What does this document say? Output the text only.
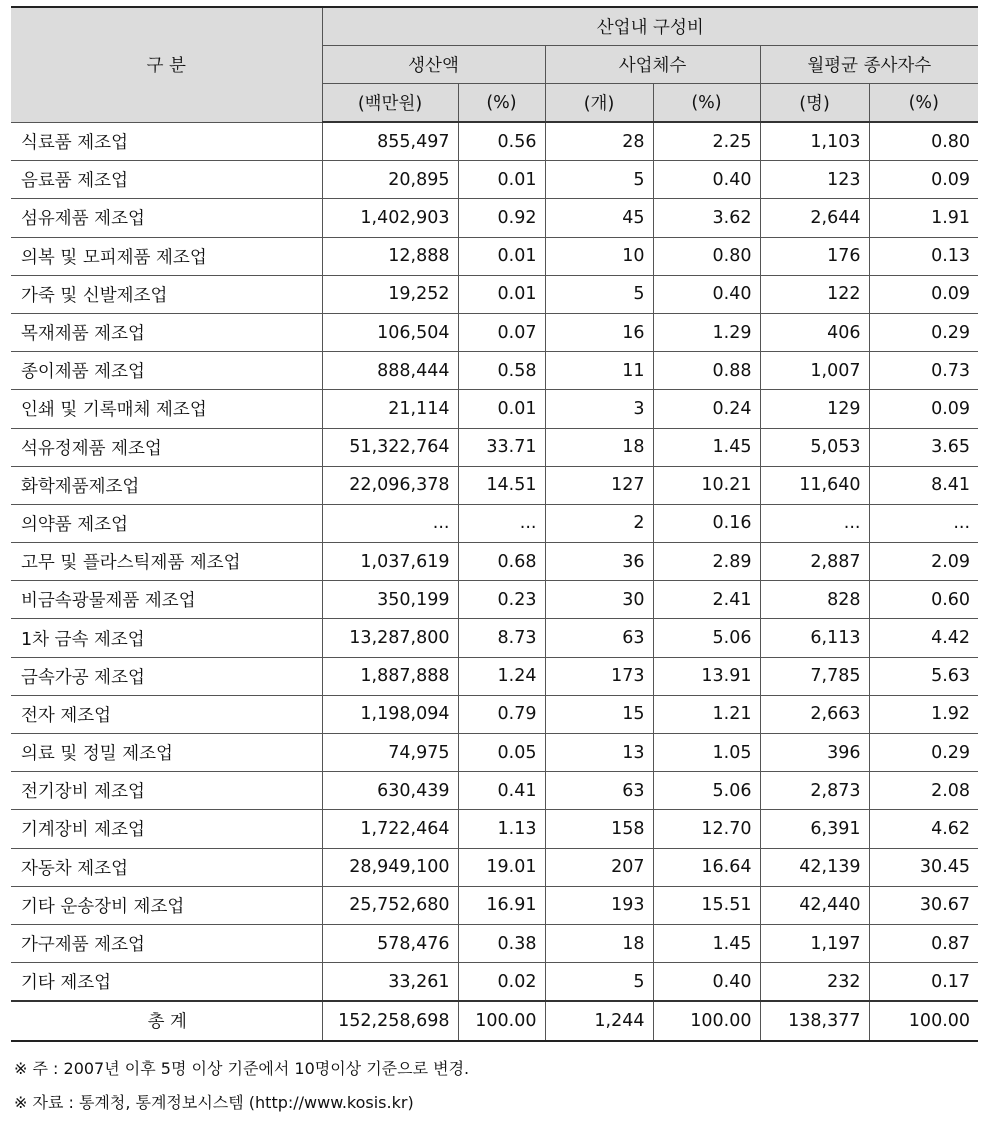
구 분	산업내 구성비					
	생산액		사업체수		월평균 종사자수	
	(백만원)	(%)	(개)	(%)	(명)	(%)
식료품 제조업	855,497	0.56	28	2.25	1,103	0.80
음료품 제조업	20,895	0.01	5	0.40	123	0.09
섬유제품 제조업	1,402,903	0.92	45	3.62	2,644	1.91
의복 및 모피제품 제조업	12,888	0.01	10	0.80	176	0.13
가죽 및 신발제조업	19,252	0.01	5	0.40	122	0.09
목재제품 제조업	106,504	0.07	16	1.29	406	0.29
종이제품 제조업	888,444	0.58	11	0.88	1,007	0.73
인쇄 및 기록매체 제조업	21,114	0.01	3	0.24	129	0.09
석유정제품 제조업	51,322,764	33.71	18	1.45	5,053	3.65
화학제품제조업	22,096,378	14.51	127	10.21	11,640	8.41
의약품 제조업	...	...	2	0.16	...	...
고무 및 플라스틱제품 제조업	1,037,619	0.68	36	2.89	2,887	2.09
비금속광물제품 제조업	350,199	0.23	30	2.41	828	0.60
1차 금속 제조업	13,287,800	8.73	63	5.06	6,113	4.42
금속가공 제조업	1,887,888	1.24	173	13.91	7,785	5.63
전자 제조업	1,198,094	0.79	15	1.21	2,663	1.92
의료 및 정밀 제조업	74,975	0.05	13	1.05	396	0.29
전기장비 제조업	630,439	0.41	63	5.06	2,873	2.08
기계장비 제조업	1,722,464	1.13	158	12.70	6,391	4.62
자동차 제조업	28,949,100	19.01	207	16.64	42,139	30.45
기타 운송장비 제조업	25,752,680	16.91	193	15.51	42,440	30.67
가구제품 제조업	578,476	0.38	18	1.45	1,197	0.87
기타 제조업	33,261	0.02	5	0.40	232	0.17
총 계	152,258,698	100.00	1,244	100.00	138,377	100.00
※ 주 : 2007년 이후 5명 이상 기준에서 10명이상 기준으로 변경.
※ 자료 : 통계청, 통계정보시스템 (http://www.kosis.kr)
